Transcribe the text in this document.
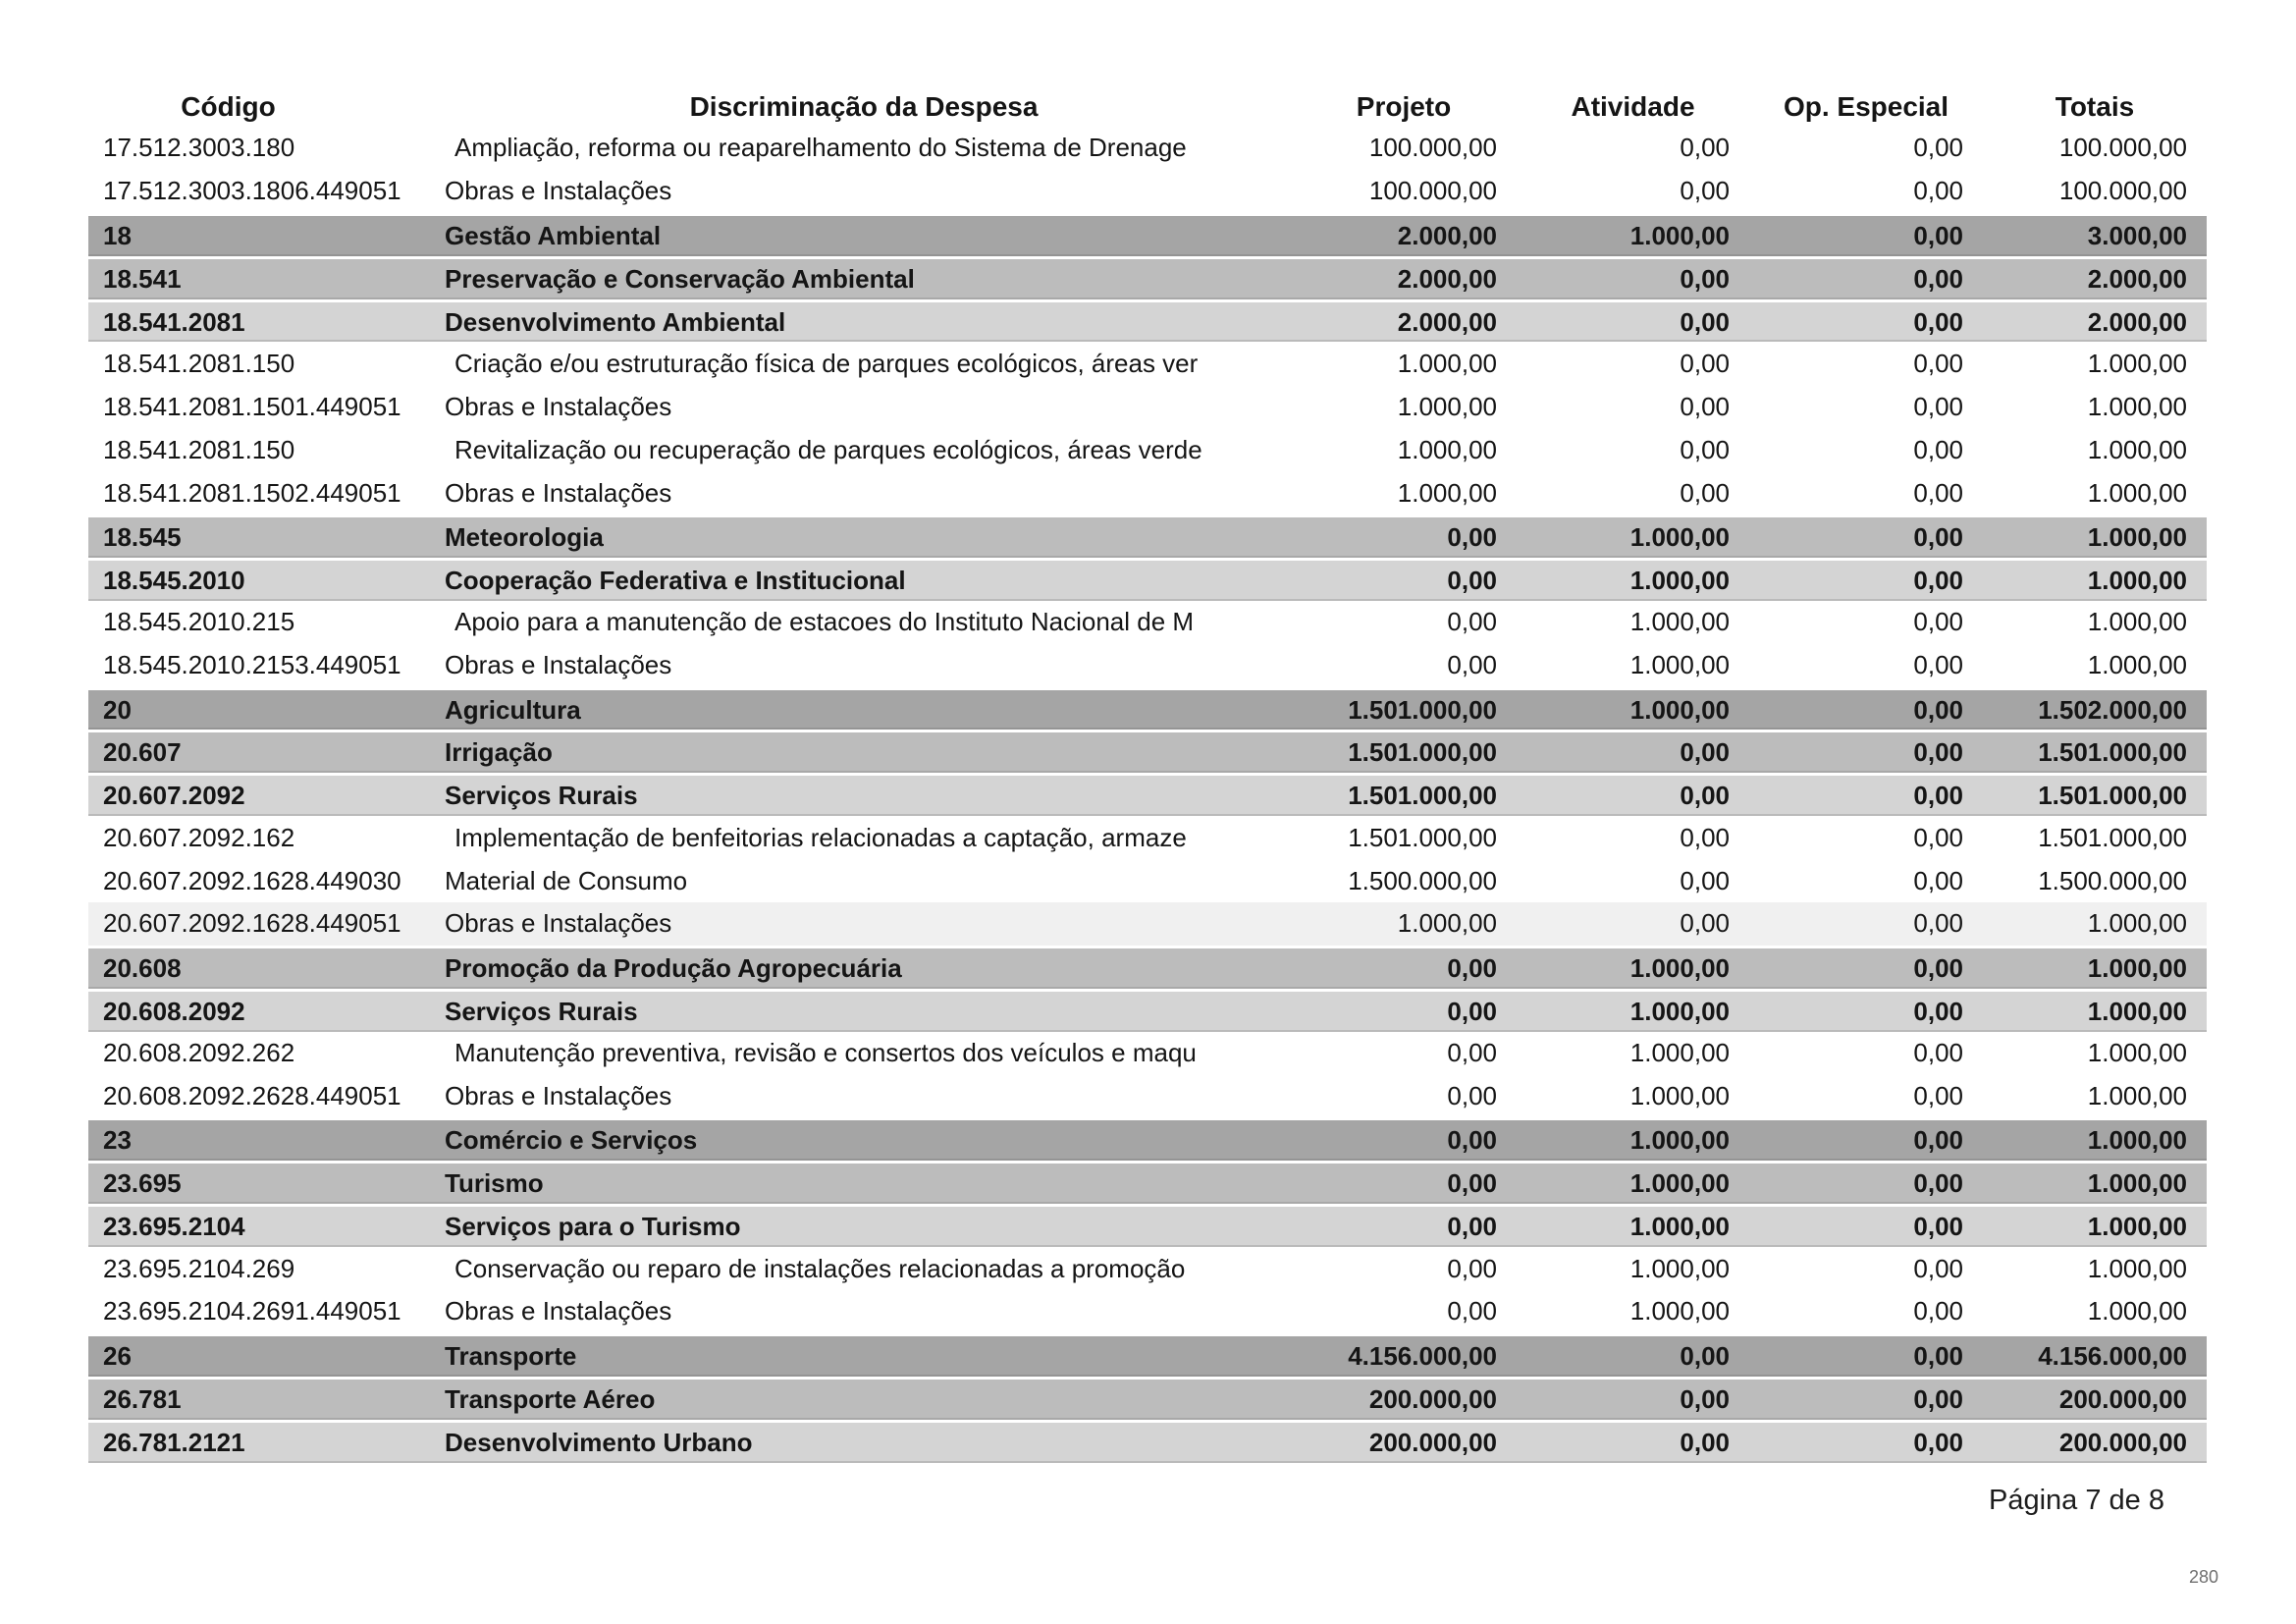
Código	Discriminação da Despesa	Projeto	Atividade	Op. Especial	Totais
17.512.3003.180	Ampliação, reforma ou reaparelhamento do Sistema de Drenage	100.000,00	0,00	0,00	100.000,00
17.512.3003.1806.449051	Obras e Instalações	100.000,00	0,00	0,00	100.000,00
18	Gestão Ambiental	2.000,00	1.000,00	0,00	3.000,00
18.541	Preservação e Conservação Ambiental	2.000,00	0,00	0,00	2.000,00
18.541.2081	Desenvolvimento Ambiental	2.000,00	0,00	0,00	2.000,00
18.541.2081.150	Criação e/ou estruturação física de parques ecológicos, áreas ver	1.000,00	0,00	0,00	1.000,00
18.541.2081.1501.449051	Obras e Instalações	1.000,00	0,00	0,00	1.000,00
18.541.2081.150	Revitalização ou recuperação de parques ecológicos, áreas verde	1.000,00	0,00	0,00	1.000,00
18.541.2081.1502.449051	Obras e Instalações	1.000,00	0,00	0,00	1.000,00
18.545	Meteorologia	0,00	1.000,00	0,00	1.000,00
18.545.2010	Cooperação Federativa e Institucional	0,00	1.000,00	0,00	1.000,00
18.545.2010.215	Apoio para a manutenção de estacoes do Instituto Nacional de M	0,00	1.000,00	0,00	1.000,00
18.545.2010.2153.449051	Obras e Instalações	0,00	1.000,00	0,00	1.000,00
20	Agricultura	1.501.000,00	1.000,00	0,00	1.502.000,00
20.607	Irrigação	1.501.000,00	0,00	0,00	1.501.000,00
20.607.2092	Serviços Rurais	1.501.000,00	0,00	0,00	1.501.000,00
20.607.2092.162	Implementação de benfeitorias relacionadas a captação, armaze	1.501.000,00	0,00	0,00	1.501.000,00
20.607.2092.1628.449030	Material de Consumo	1.500.000,00	0,00	0,00	1.500.000,00
20.607.2092.1628.449051	Obras e Instalações	1.000,00	0,00	0,00	1.000,00
20.608	Promoção da Produção Agropecuária	0,00	1.000,00	0,00	1.000,00
20.608.2092	Serviços Rurais	0,00	1.000,00	0,00	1.000,00
20.608.2092.262	Manutenção preventiva, revisão e consertos dos veículos e maqu	0,00	1.000,00	0,00	1.000,00
20.608.2092.2628.449051	Obras e Instalações	0,00	1.000,00	0,00	1.000,00
23	Comércio e Serviços	0,00	1.000,00	0,00	1.000,00
23.695	Turismo	0,00	1.000,00	0,00	1.000,00
23.695.2104	Serviços para o Turismo	0,00	1.000,00	0,00	1.000,00
23.695.2104.269	Conservação ou reparo de instalações relacionadas a promoção	0,00	1.000,00	0,00	1.000,00
23.695.2104.2691.449051	Obras e Instalações	0,00	1.000,00	0,00	1.000,00
26	Transporte	4.156.000,00	0,00	0,00	4.156.000,00
26.781	Transporte Aéreo	200.000,00	0,00	0,00	200.000,00
26.781.2121	Desenvolvimento Urbano	200.000,00	0,00	0,00	200.000,00
Página 7 de 8
280
